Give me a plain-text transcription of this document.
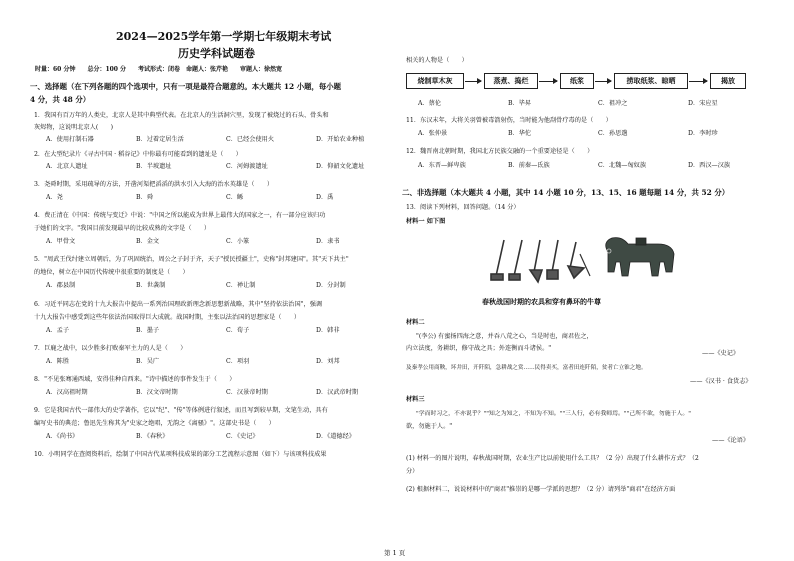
2024—2025学年第一学期七年级期末考试
历史学科试题卷
时量：60 分钟　　总分：100 分　　考试形式：闭卷　命题人：张芹艳　　审题人：徐然宽
一、选择题（在下列各题的四个选项中，只有一项是最符合题意的。本大题共 12 小题，每小题
4 分，共 48 分）
1．我国有百万年的人类史，北京人是其中典型代表。在北京人的生活洞穴里，发现了被烧过的石头、骨头和
灰烬物，这说明北京人(　　)
A．使用打制石器	B．过着定居生活	C．已经会使用火	D．开始农业种植
2．在大型纪录片《寻古中国 · 稻谷记》中你最有可能看到的遗址是（　　）
A．北京人遗址	B．半坡遗址	C．河姆渡遗址	D．仰韶文化遗址
3．尧舜时期，采用疏导的方法，开凿河渠把滔滔的洪水引入大海的治水英雄是（　　）
A．尧	B．舜	C．鲧	D．禹
4．费正清在《中国：传统与变迁》中说："中国之所以能成为世界上最伟大的国家之一，有一部分应该归功
于她们的文字。"我国目前发现最早的比较成熟的文字是（　　）
A．甲骨文	B．金文	C．小篆	D．隶书
5．"周武王伐纣建立周朝后，为了巩固统治，周公之子封于齐，天子"授民授疆土"，史称"封邦建国"。其"天下共主"
的地位，树立在中国历代传统中很重要的制度是（　　）
A．郡县制	B．世袭制	C．禅让制	D．分封制
6．习近平同志在党的十九大报告中提出一系列治国理政新理念新思想新战略，其中"坚持依法治国"，强调
十九大报告中感受到这些年依法治国取得巨大成就。战国时期，主张以法治国的思想家是（　　）
A．孟子	B．墨子	C．荀子	D．韩非
7．巨鹿之战中，以少胜多打败秦军主力的人是（　　）
A．陈胜	B．吴广	C．项羽	D．刘邦
8．"不见张骞通西域，安得佳种自西来。"诗中描述的事件发生于（　　）
A．汉高祖时期	B．汉文帝时期	C．汉景帝时期	D．汉武帝时期
9．它是我国古代一部伟大的史学著作，它以"纪"、"传"等体例进行叙述，而且写到较早期，文笔生动，具有
编写史书的典范；鲁迅先生称其为"史家之绝唱，无韵之《离骚》"。这部史书是（　　）
A．《尚书》	B．《春秋》	C．《史记》	D．《道德经》
10．小明同学在查阅资料后，绘制了中国古代某项科技成果的部分工艺流程示意图（如下）与该项科技成果
相关的人物是（　　）
烧制草木灰	蒸煮、捣烂	纸浆	捞取纸浆、晾晒	揭放
A．蔡伦	B．毕昇	C．祖冲之	D．宋应星
11．东汉末年，大将关羽曾被毒箭射伤，当时能为他刮骨疗毒的是（　　）
A．张仲景	B．华佗	C．孙思邈	D．李时珍
12．魏晋南北朝时期，我国北方民族交融的一个重要途径是（　　）
A．东晋—鲜卑族	B．前秦—氐族	C．北魏—匈奴族	D．西汉—汉族
二、非选择题（本大题共 4 小题，其中 14 小题 10 分，13、15、16 题每题 14 分，共 52 分）
13．阅读下列材料，回答问题。（14 分）
材料一 如下图
春秋战国时期的农具和穿有鼻环的牛尊
材料二
"(李公) 有蜜扬四海之意，并吞八荒之心，当是时也，商君佐之，
内立法度，务耕织，修守战之具；外连衡而斗诸侯。"
——《史记》
及秦孝公用商鞅，坏井田，开阡陌，急耕战之赏……民得卖买，富者田连阡陌，贫者亡立锥之地。
——《汉书 · 食货志》
材料三
"学而时习之，不亦说乎？""知之为知之，不知为不知。""三人行，必有我师焉。""己所不欲，勿施于人。"
欲，勿施于人。"
——《论语》
(1) 材料一的图片说明，春秋战国时期，农业生产比以前使用什么工具？（2 分）出现了什么耕作方式？（2
分）
(2) 根据材料二，说说材料中的"商君"推崇的是哪一学派的思想？（2 分）请列举"商君"在经济方面
第 1 页
